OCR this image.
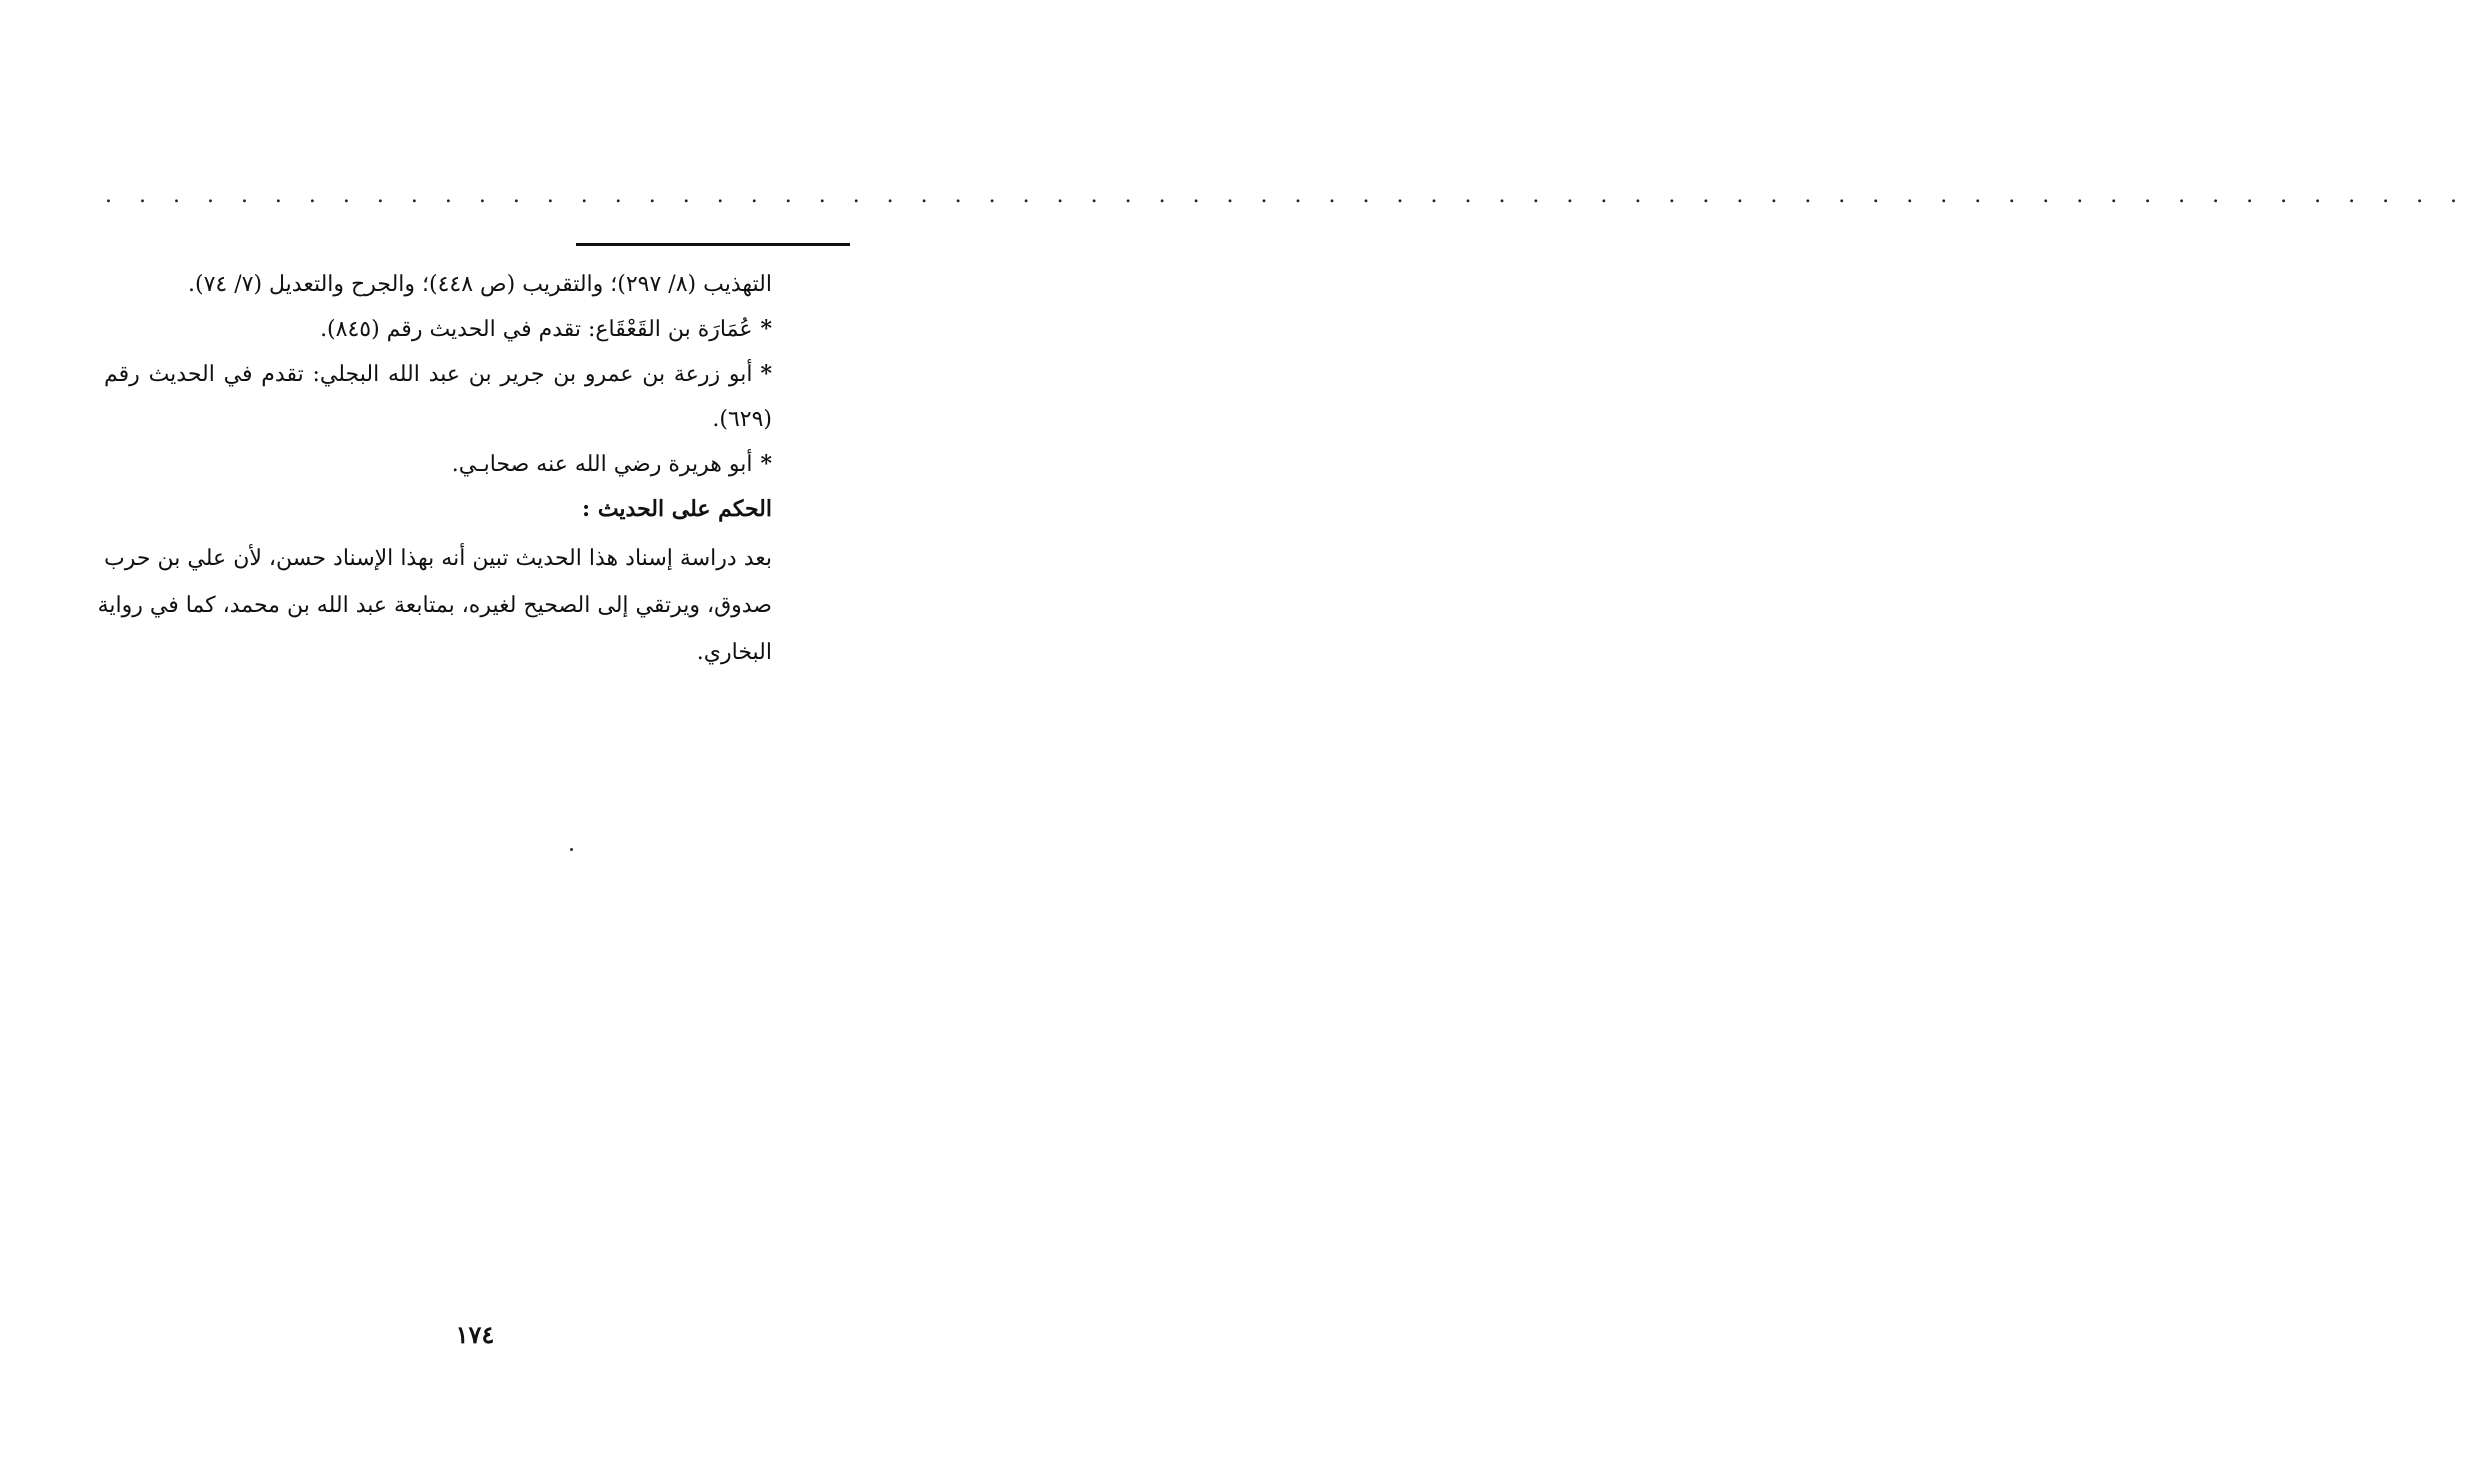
. . . . . . . . . . . . . . . . . . . . . . . . . . . . . . . . . . . . . . . . . . . . . . . . . . . . . . . . . . . . . . . . . . . . . .
التهذيب (٨/ ٢٩٧)؛ والتقريب (ص ٤٤٨)؛ والجرح والتعديل (٧/ ٧٤).
*عُمَارَة بن القَعْقَاع: تقدم في الحديث رقم (٨٤٥).
*أبو زرعة بن عمرو بن جرير بن عبد الله البجلي: تقدم في الحديث رقم
(٦٢٩).
*أبو هريرة رضي الله عنه صحابـي.
الحكم على الحديث :
بعد دراسة إسناد هذا الحديث تبين أنه بهذا الإسناد حسن، لأن علي بن حرب
صدوق، ويرتقي إلى الصحيح لغيره، بمتابعة عبد الله بن محمد، كما في رواية
البخاري.
١٧٤
